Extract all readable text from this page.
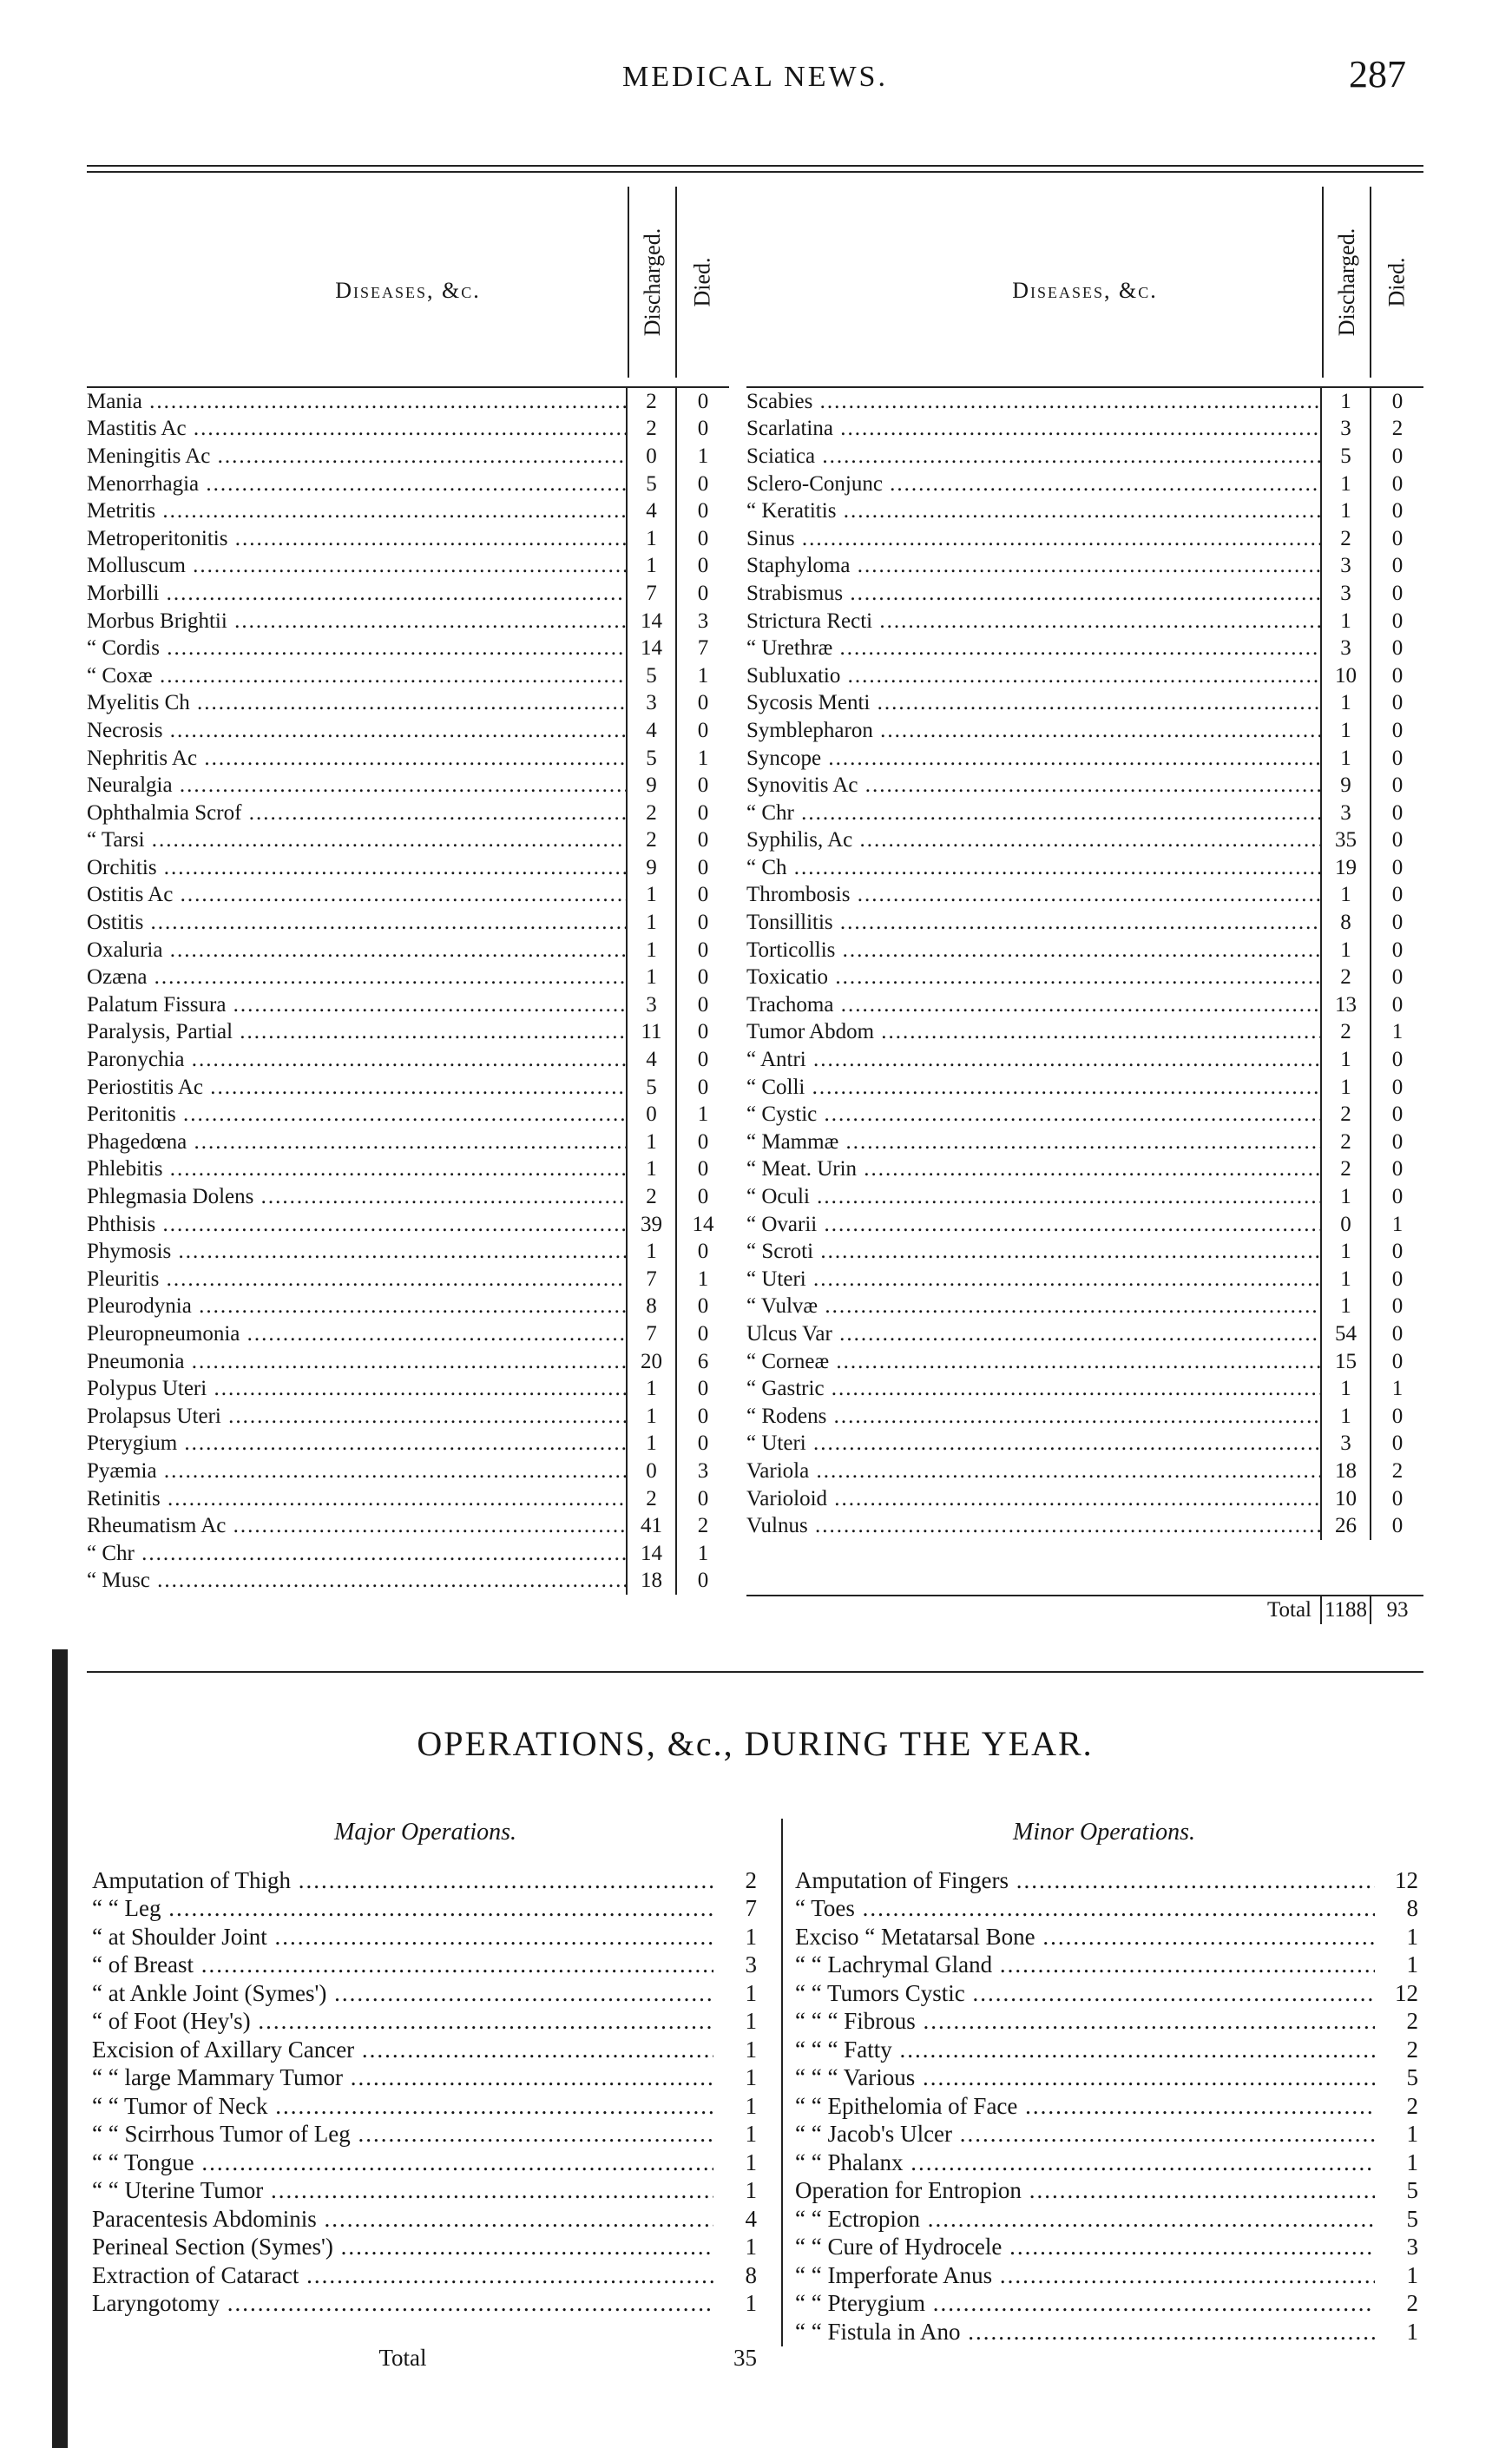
MEDICAL NEWS.	287
Diseases, &c.	Discharged. Died.
Mania .....	2	0
Mastitis Ac .....	2	0
Meningitis Ac .....	0	1
Menorrhagia .....	5	0
Metritis .....	4	0
Metroperitonitis .....	1	0
Molluscum .....	1	0
Morbilli .....	7	0
Morbus Brightii .....	14	3
“ Cordis .....	14	7
“ Coxæ .....	5	1
Myelitis Ch .....	3	0
Necrosis .....	4	0
Nephritis Ac .....	5	1
Neuralgia .....	9	0
Ophthalmia Scrof .....	2	0
“ Tarsi .....	2	0
Orchitis .....	9	0
Ostitis Ac .....	1	0
Ostitis .....	1	0
Oxaluria .....	1	0
Ozæna .....	1	0
Palatum Fissura .....	3	0
Paralysis, Partial .....	11	0
Paronychia .....	4	0
Periostitis Ac .....	5	0
Peritonitis .....	0	1
Phagedœna .....	1	0
Phlebitis .....	1	0
Phlegmasia Dolens .....	2	0
Phthisis .....	39	14
Phymosis .....	1	0
Pleuritis .....	7	1
Pleurodynia .....	8	0
Pleuropneumonia .....	7	0
Pneumonia .....	20	6
Polypus Uteri .....	1	0
Prolapsus Uteri .....	1	0
Pterygium .....	1	0
Pyæmia .....	0	3
Retinitis .....	2	0
Rheumatism Ac .....	41	2
“ Chr .....	14	1
“ Musc .....	18	0
Diseases, &c.	Discharged. Died.
Scabies .....	1	0
Scarlatina .....	3	2
Sciatica .....	5	0
Sclero-Conjunc .....	1	0
“ Keratitis .....	1	0
Sinus .....	2	0
Staphyloma .....	3	0
Strabismus .....	3	0
Strictura Recti .....	1	0
“ Urethræ .....	3	0
Subluxatio .....	10	0
Sycosis Menti .....	1	0
Symblepharon .....	1	0
Syncope .....	1	0
Synovitis Ac .....	9	0
“ Chr .....	3	0
Syphilis, Ac .....	35	0
“ Ch .....	19	0
Thrombosis .....	1	0
Tonsillitis .....	8	0
Torticollis .....	1	0
Toxicatio .....	2	0
Trachoma .....	13	0
Tumor Abdom .....	2	1
“ Antri .....	1	0
“ Colli .....	1	0
“ Cystic .....	2	0
“ Mammæ .....	2	0
“ Meat. Urin .....	2	0
“ Oculi .....	1	0
“ Ovarii .....	0	1
“ Scroti .....	1	0
“ Uteri .....	1	0
“ Vulvæ .....	1	0
Ulcus Var .....	54	0
“ Corneæ .....	15	0
“ Gastric .....	1	1
“ Rodens .....	1	0
“ Uteri .....	3	0
Variola .....	18	2
Varioloid .....	10	0
Vulnus .....	26	0
Total 1188 93
OPERATIONS, &c., DURING THE YEAR.
Major Operations.
Amputation of Thigh .....	2
“ “ Leg .....	7
“ at Shoulder Joint .....	1
“ of Breast .....	3
“ at Ankle Joint (Symes') .....	1
“ of Foot (Hey's) .....	1
Excision of Axillary Cancer .....	1
“ “ large Mammary Tumor .....	1
“ “ Tumor of Neck .....	1
“ “ Scirrhous Tumor of Leg .....	1
“ “ Tongue .....	1
“ “ Uterine Tumor .....	1
Paracentesis Abdominis .....	4
Perineal Section (Symes') .....	1
Extraction of Cataract .....	8
Laryngotomy .....	1
Total	35
Minor Operations.
Amputation of Fingers .....	12
“ Toes .....	8
Exciso “ Metatarsal Bone .....	1
“ “ Lachrymal Gland .....	1
“ “ Tumors Cystic .....	12
“ “ “ Fibrous .....	2
“ “ “ Fatty .....	2
“ “ “ Various .....	5
“ “ Epithelomia of Face .....	2
“ “ Jacob's Ulcer .....	1
“ “ Phalanx .....	1
Operation for Entropion .....	5
“ “ Ectropion .....	5
“ “ Cure of Hydrocele .....	3
“ “ Imperforate Anus .....	1
“ “ Pterygium .....	2
“ “ Fistula in Ano .....	1
